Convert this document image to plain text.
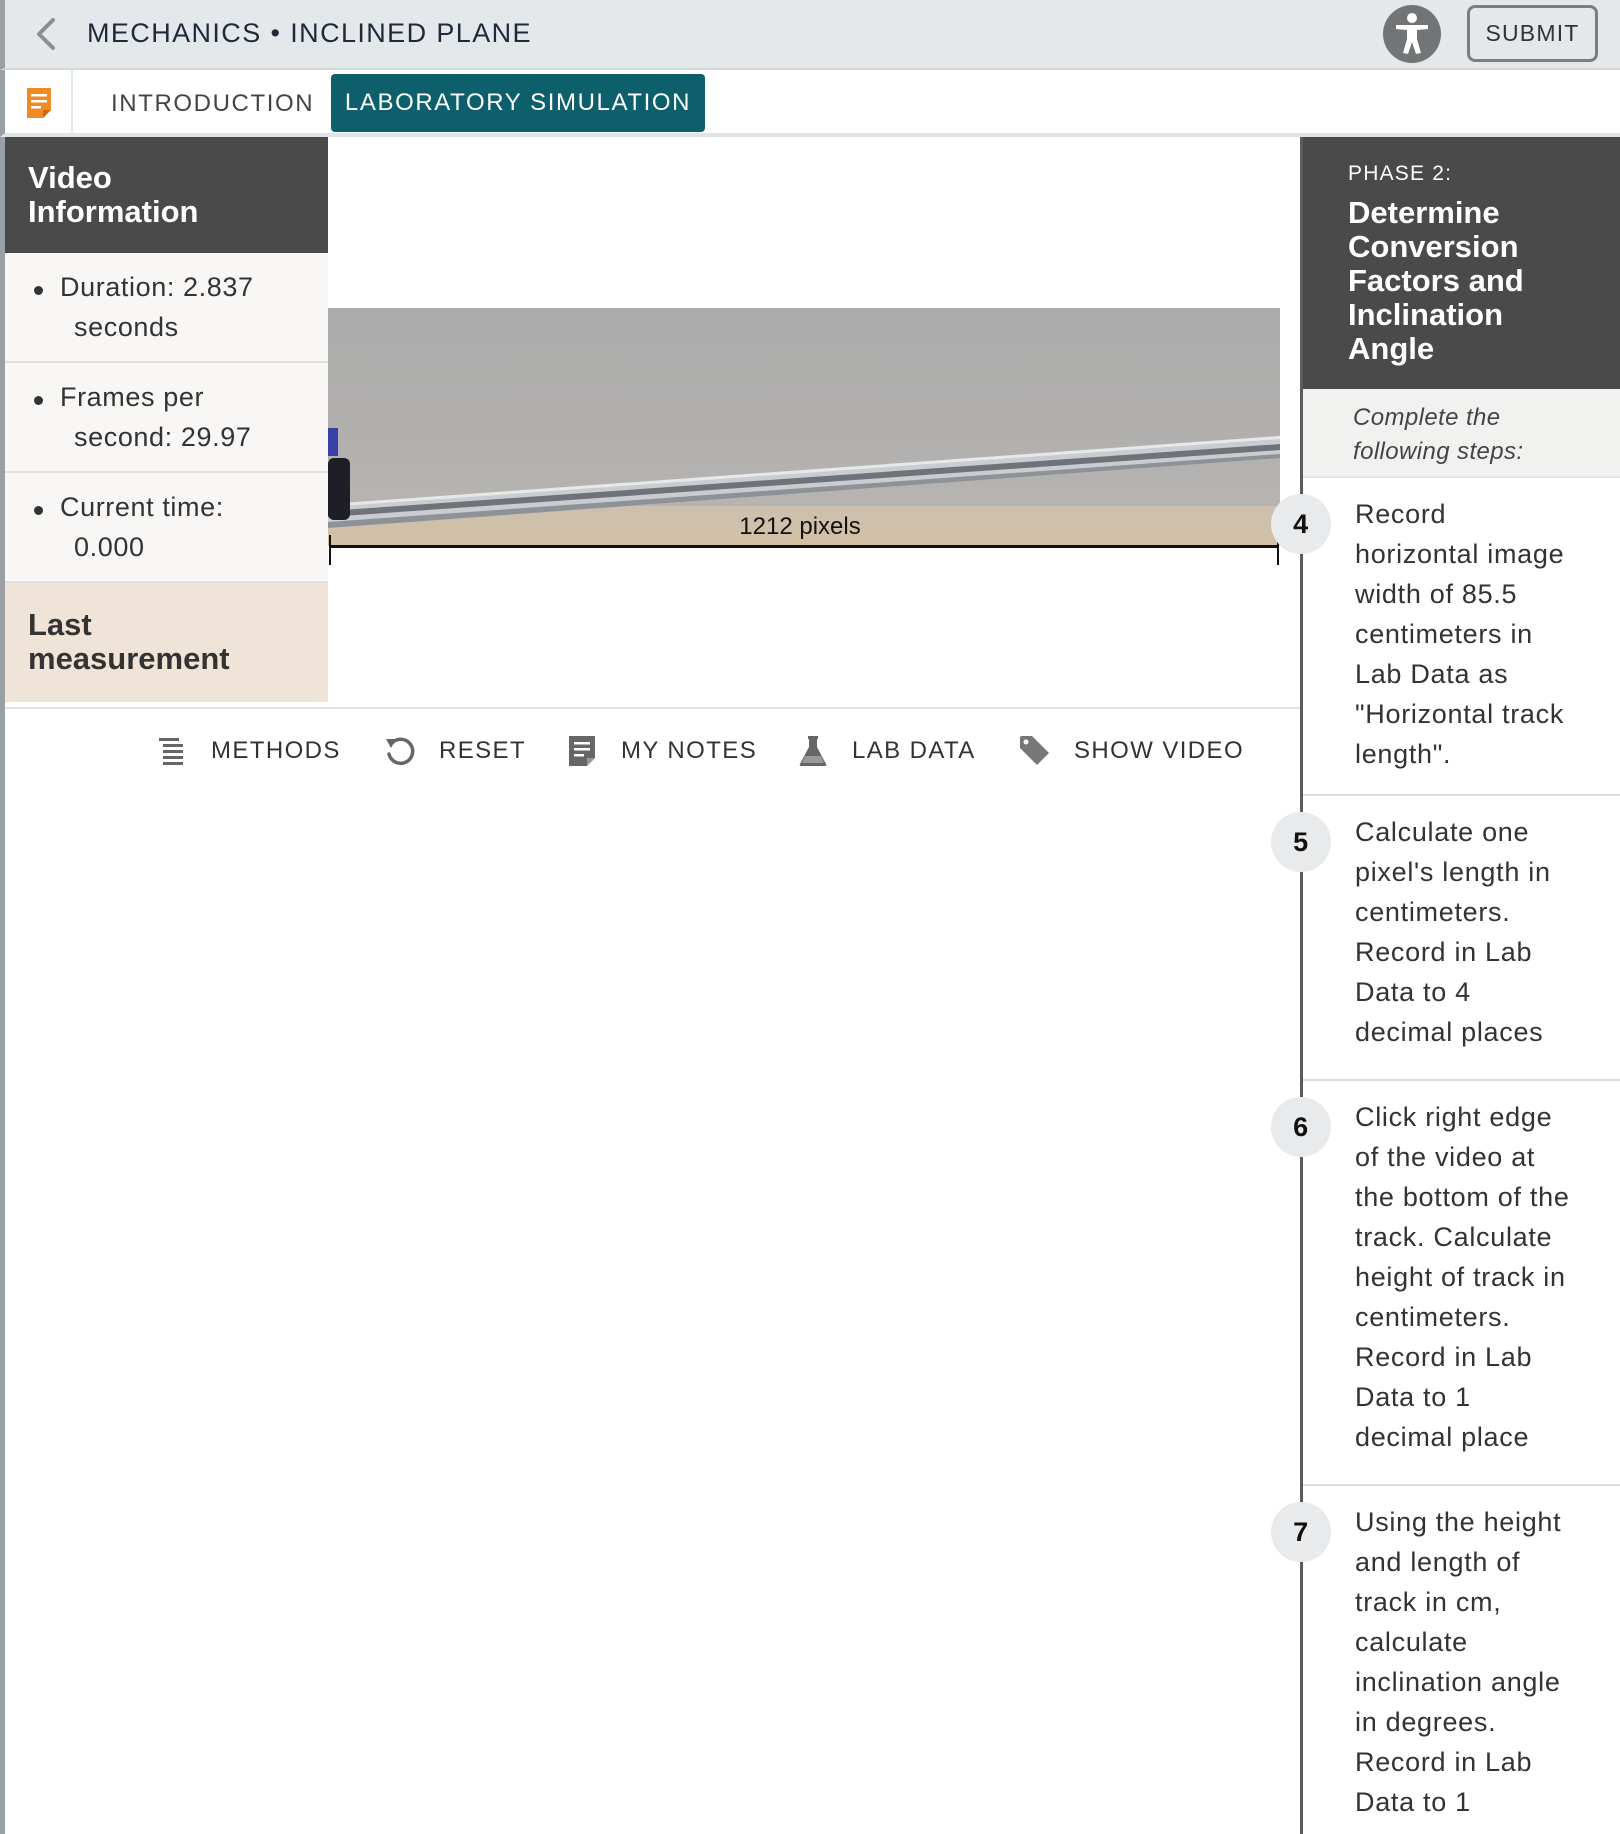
MECHANICS • INCLINED PLANE	SUBMIT
INTRODUCTION	LABORATORY SIMULATION
Video
Information
Duration: 2.837
seconds
Frames per
second: 29.97
Current time:
0.000
Last
measurement
1212 pixels
METHODS	RESET	MY NOTES	LAB DATA	SHOW VIDEO
PHASE 2:
Determine
Conversion
Factors and
Inclination
Angle
Complete the
following steps:
4	Record
horizontal image
width of 85.5
centimeters in
Lab Data as
"Horizontal track
length".
5	Calculate one
pixel's length in
centimeters.
Record in Lab
Data to 4
decimal places
6	Click right edge
of the video at
the bottom of the
track. Calculate
height of track in
centimeters.
Record in Lab
Data to 1
decimal place
7	Using the height
and length of
track in cm,
calculate
inclination angle
in degrees.
Record in Lab
Data to 1
